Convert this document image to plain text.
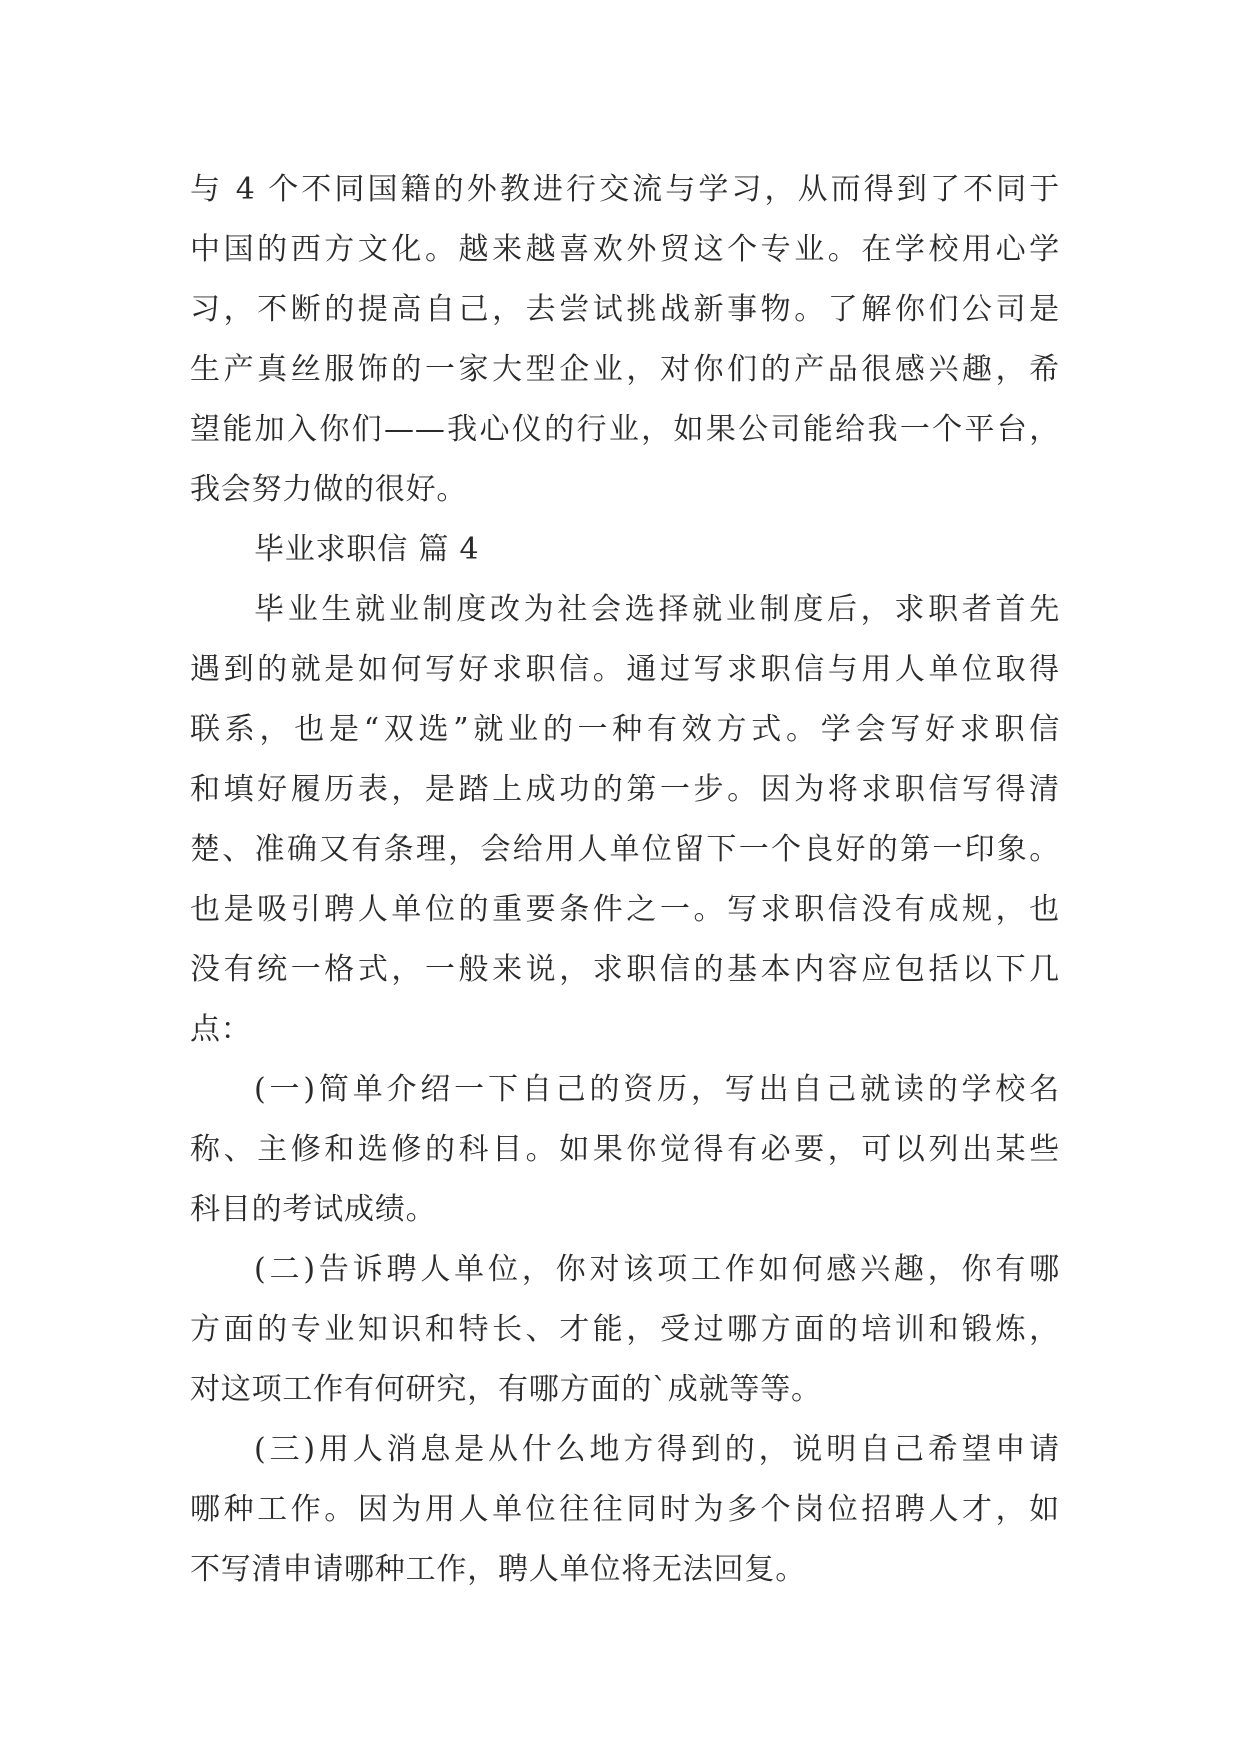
与 4 个不同国籍的外教进行交流与学习，从而得到了不同于
中国的西方文化。越来越喜欢外贸这个专业。在学校用心学
习，不断的提高自己，去尝试挑战新事物。了解你们公司是
生产真丝服饰的一家大型企业，对你们的产品很感兴趣，希
望能加入你们——我心仪的行业，如果公司能给我一个平台，
我会努力做的很好。
毕业求职信 篇 4
毕业生就业制度改为社会选择就业制度后，求职者首先
遇到的就是如何写好求职信。通过写求职信与用人单位取得
联系，也是“双选”就业的一种有效方式。学会写好求职信
和填好履历表，是踏上成功的第一步。因为将求职信写得清
楚、准确又有条理，会给用人单位留下一个良好的第一印象。
也是吸引聘人单位的重要条件之一。写求职信没有成规，也
没有统一格式，一般来说，求职信的基本内容应包括以下几
点：
(一)简单介绍一下自己的资历，写出自己就读的学校名
称、主修和选修的科目。如果你觉得有必要，可以列出某些
科目的考试成绩。
(二)告诉聘人单位，你对该项工作如何感兴趣，你有哪
方面的专业知识和特长、才能，受过哪方面的培训和锻炼，
对这项工作有何研究，有哪方面的`成就等等。
(三)用人消息是从什么地方得到的，说明自己希望申请
哪种工作。因为用人单位往往同时为多个岗位招聘人才，如
不写清申请哪种工作，聘人单位将无法回复。
